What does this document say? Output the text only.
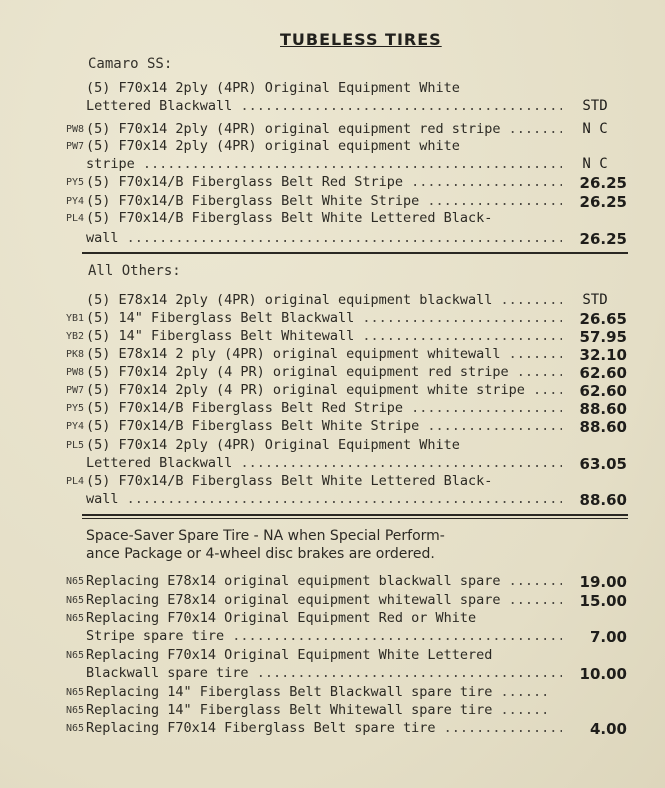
TUBELESS TIRES
Camaro SS:
(5) F70x14 2ply (4PR) Original Equipment White
Lettered Blackwall .....	STD
PW8 (5) F70x14 2ply (4PR) original equipment red stripe .....	N C
PW7 (5) F70x14 2ply (4PR) original equipment white
stripe .....	N C
PY5 (5) F70x14/B Fiberglass Belt Red Stripe .....	26.25
PY4 (5) F70x14/B Fiberglass Belt White Stripe .....	26.25
PL4 (5) F70x14/B Fiberglass Belt White Lettered Black-
wall .....	26.25
All Others:
(5) E78x14 2ply (4PR) original equipment blackwall .....	STD
YB1 (5) 14" Fiberglass Belt Blackwall .....	26.65
YB2 (5) 14" Fiberglass Belt Whitewall .....	57.95
PK8 (5) E78x14 2 ply (4PR) original equipment whitewall .....	32.10
PW8 (5) F70x14 2ply (4 PR) original equipment red stripe .....	62.60
PW7 (5) F70x14 2ply (4 PR) original equipment white stripe .....	62.60
PY5 (5) F70x14/B Fiberglass Belt Red Stripe .....	88.60
PY4 (5) F70x14/B Fiberglass Belt White Stripe .....	88.60
PL5 (5) F70x14 2ply (4PR) Original Equipment White
Lettered Blackwall .....	63.05
PL4 (5) F70x14/B Fiberglass Belt White Lettered Black-
wall .....	88.60
Space-Saver Spare Tire - NA when Special Perform-
ance Package or 4-wheel disc brakes are ordered.
N65 Replacing E78x14 original equipment blackwall spare .....	19.00
N65 Replacing E78x14 original equipment whitewall spare .....	15.00
N65 Replacing F70x14 Original Equipment Red or White
Stripe spare tire .....	7.00
N65 Replacing F70x14 Original Equipment White Lettered
Blackwall spare tire .....	10.00
N65 Replacing 14" Fiberglass Belt Blackwall spare tire .....
N65 Replacing 14" Fiberglass Belt Whitewall spare tire .....
N65 Replacing F70x14 Fiberglass Belt spare tire .....	4.00
